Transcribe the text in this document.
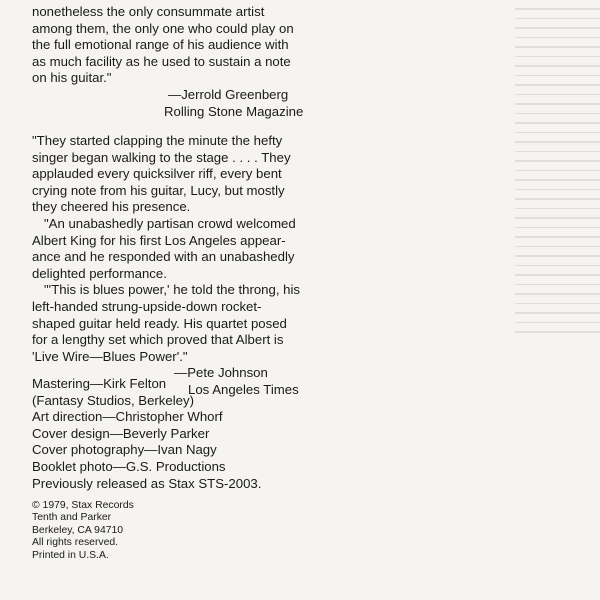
nonetheless the only consummate artist
among them, the only one who could play on
the full emotional range of his audience with
as much facility as he used to sustain a note
on his guitar."
—Jerrold Greenberg
Rolling Stone Magazine
"They started clapping the minute the hefty
singer began walking to the stage . . . . They
applauded every quicksilver riff, every bent
crying note from his guitar, Lucy, but mostly
they cheered his presence.
"An unabashedly partisan crowd welcomed
Albert King for his first Los Angeles appear-
ance and he responded with an unabashedly
delighted performance.
"'This is blues power,' he told the throng, his
left-handed strung-upside-down rocket-
shaped guitar held ready. His quartet posed
for a lengthy set which proved that Albert is
'Live Wire—Blues Power'."
—Pete Johnson
Los Angeles Times
Mastering—Kirk Felton
(Fantasy Studios, Berkeley)
Art direction—Christopher Whorf
Cover design—Beverly Parker
Cover photography—Ivan Nagy
Booklet photo—G.S. Productions
Previously released as Stax STS-2003.
© 1979, Stax Records
Tenth and Parker
Berkeley, CA 94710
All rights reserved.
Printed in U.S.A.
